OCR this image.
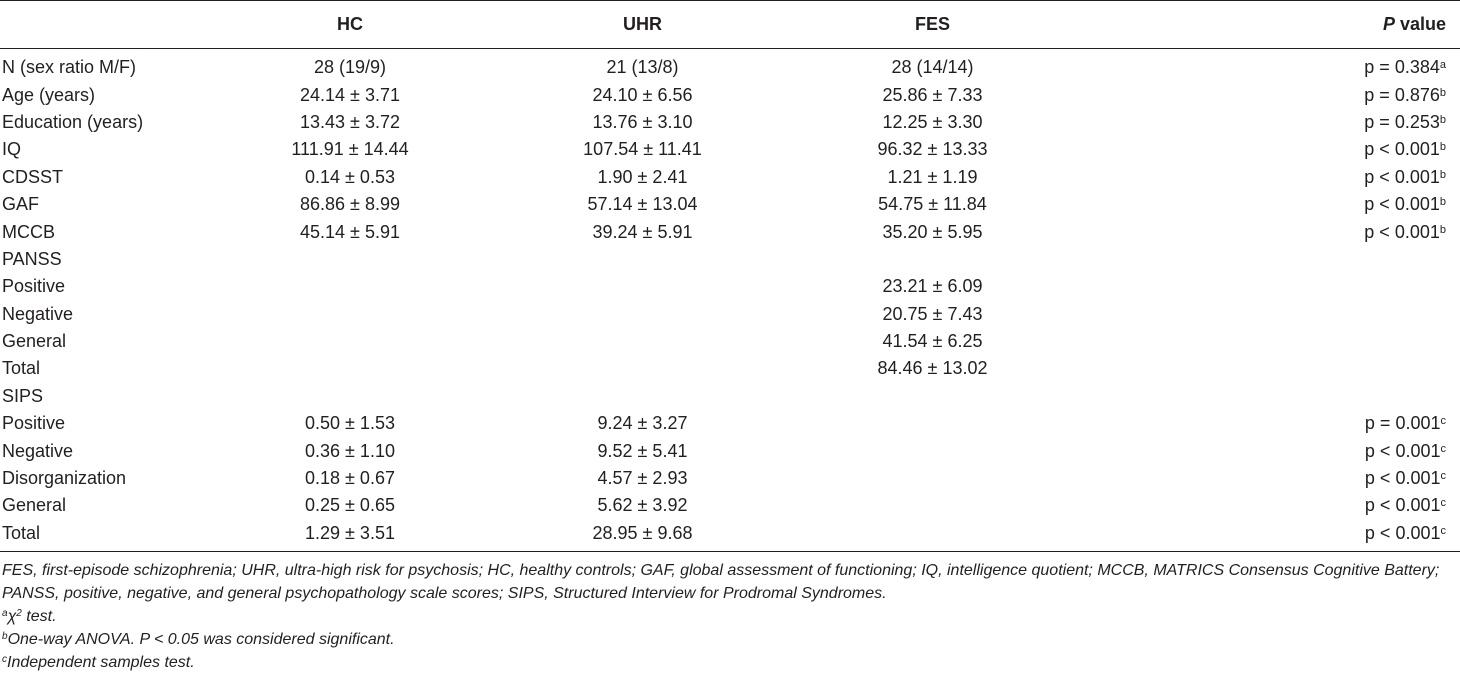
	HC	UHR	FES	P value
N (sex ratio M/F)	28 (19/9)	21 (13/8)	28 (14/14)	p = 0.384$^a$
Age (years)	24.14 ± 3.71	24.10 ± 6.56	25.86 ± 7.33	p = 0.876$^b$
Education (years)	13.43 ± 3.72	13.76 ± 3.10	12.25 ± 3.30	p = 0.253$^b$
IQ	111.91 ± 14.44	107.54 ± 11.41	96.32 ± 13.33	p < 0.001$^b$
CDSST	0.14 ± 0.53	1.90 ± 2.41	1.21 ± 1.19	p < 0.001$^b$
GAF	86.86 ± 8.99	57.14 ± 13.04	54.75 ± 11.84	p < 0.001$^b$
MCCB	45.14 ± 5.91	39.24 ± 5.91	35.20 ± 5.95	p < 0.001$^b$
PANSS				
Positive			23.21 ± 6.09	
Negative			20.75 ± 7.43	
General			41.54 ± 6.25	
Total			84.46 ± 13.02	
SIPS				
Positive	0.50 ± 1.53	9.24 ± 3.27		p = 0.001$^c$
Negative	0.36 ± 1.10	9.52 ± 5.41		p < 0.001$^c$
Disorganization	0.18 ± 0.67	4.57 ± 2.93		p < 0.001$^c$
General	0.25 ± 0.65	5.62 ± 3.92		p < 0.001$^c$
Total	1.29 ± 3.51	28.95 ± 9.68		p < 0.001$^c$

FES, first-episode schizophrenia; UHR, ultra-high risk for psychosis; HC, healthy controls; GAF, global assessment of functioning; IQ, intelligence quotient; MCCB, MATRICS Consensus Cognitive Battery; PANSS, positive, negative, and general psychopathology scale scores; SIPS, Structured Interview for Prodromal Syndromes.

$^a\chi^2$ test.

$^b$One-way ANOVA. P < 0.05 was considered significant.

$^c$Independent samples test.
